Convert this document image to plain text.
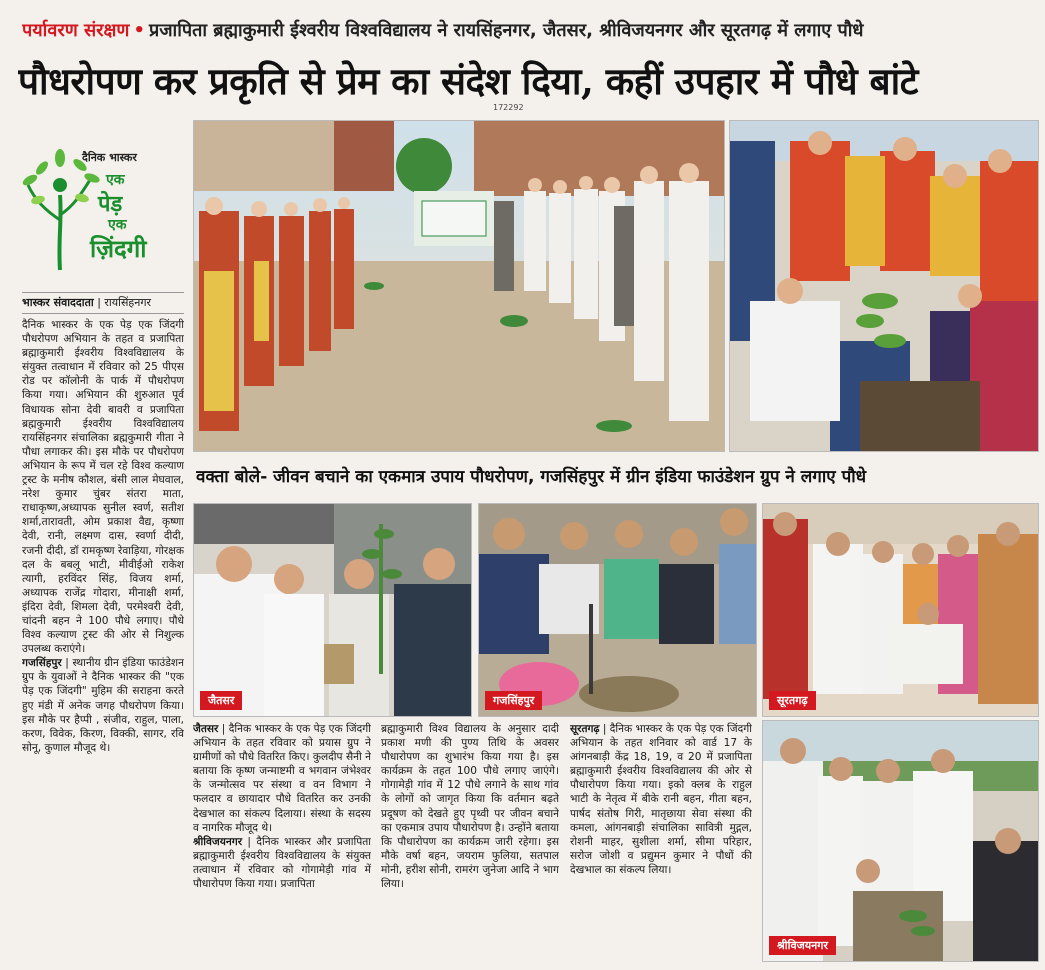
पर्यावरण संरक्षण • प्रजापिता ब्रह्माकुमारी ईश्वरीय विश्वविद्यालय ने रायसिंहनगर, जैतसर, श्रीविजयनगर और सूरतगढ़ में लगाए पौधे
पौधरोपण कर प्रकृति से प्रेम का संदेश दिया, कहीं उपहार में पौधे बांटे
172292
दैनिक भास्कर
एक
पेड़
एक
ज़िंदगी
भास्कर संवाददाता | रायसिंहनगर

दैनिक भास्कर के एक पेड़ एक जिंदगी पौधरोपण अभियान के तहत व प्रजापिता ब्रह्माकुमारी ईश्वरीय विश्वविद्यालय के संयुक्त तत्वाधान में रविवार को 25 पीएस रोड पर कॉलोनी के पार्क में पौधरोपण किया गया। अभियान की शुरुआत पूर्व विधायक सोना देवी बावरी व प्रजापिता ब्रह्मकुमारी ईश्वरीय विश्वविद्यालय रायसिंहनगर संचालिका ब्रह्मकुमारी गीता ने पौधा लगाकर की। इस मौके पर पौधरोपण अभियान के रूप में चल रहे विश्व कल्याण ट्रस्ट के मनीष कौशल, बंसी लाल मेघवाल, नरेश कुमार चुंबर संतरा माता, राधाकृष्ण,अध्यापक सुनील स्वर्ण, सतीश शर्मा,तारावती, ओम प्रकाश वैद्य, कृष्णा देवी, रानी, लक्ष्मण दास, स्वर्णा दीदी, रजनी दीदी, डॉ रामकृष्ण रेवाड़िया, गोरक्षक दल के बबलू भाटी, मीवीईओ राकेश त्यागी, हरविंदर सिंह, विजय शर्मा, अध्यापक राजेंद्र गोदारा, मीनाक्षी शर्मा, इंदिरा देवी, शिमला देवी, परमेश्वरी देवी, चांदनी बहन ने 100 पौधे लगाए। पौधे विश्व कल्याण ट्रस्ट की ओर से निशुल्क उपलब्ध कराएंगे।

गजसिंहपुर | स्थानीय ग्रीन इंडिया फाउंडेशन ग्रुप के युवाओं ने दैनिक भास्कर की "एक पेड़ एक जिंदगी" मुहिम की सराहना करते हुए मंडी में अनेक जगह पौधरोपण किया। इस मौके पर हैप्पी , संजीव, राहुल, पाला, करण, विवेक, किरण, विक्की, सागर, रवि सोनू, कुणाल मौजूद थे।

वक्ता बोले- जीवन बचाने का एकमात्र उपाय पौधरोपण, गजसिंहपुर में ग्रीन इंडिया फाउंडेशन ग्रुप ने लगाए पौधे
जैतसर	गजसिंहपुर	सूरतगढ़

जैतसर | दैनिक भास्कर के एक पेड़ एक जिंदगी अभियान के तहत रविवार को प्रयास ग्रुप ने ग्रामीणों को पौधे वितरित किए। कुलदीप सैनी ने बताया कि कृष्ण जन्माष्टमी व भगवान जंभेश्वर के जन्मोत्सव पर संस्था व वन विभाग ने फलदार व छायादार पौधे वितरित कर उनकी देखभाल का संकल्प दिलाया। संस्था के सदस्य व नागरिक मौजूद थे।

श्रीविजयनगर | दैनिक भास्कर और प्रजापिता ब्रह्माकुमारी ईश्वरीय विश्वविद्यालय के संयुक्त तत्वाधान में रविवार को गोगामेड़ी गांव में पौधारोपण किया गया। प्रजापिता

ब्रह्माकुमारी विश्व विद्यालय के अनुसार दादी प्रकाश मणी की पुण्य तिथि के अवसर पौधारोपण का शुभारंभ किया गया है। इस कार्यक्रम के तहत 100 पौधे लगाए जाएंगे। गोगामेड़ी गांव में 12 पौधे लगाने के साथ गांव के लोगों को जागृत किया कि वर्तमान बढ़ते प्रदूषण को देखते हुए पृथ्वी पर जीवन बचाने का एकमात्र उपाय पौधारोपण है। उन्होंने बताया कि पौधारोपण का कार्यक्रम जारी रहेगा। इस मौके वर्षा बहन, जयराम फुलिया, सतपाल मोनी, हरीश सोनी, रामरंग जुनेजा आदि ने भाग लिया।

सूरतगढ़ | दैनिक भास्कर के एक पेड़ एक जिंदगी अभियान के तहत शनिवार को वार्ड 17 के आंगनबाड़ी केंद्र 18, 19, व 20 में प्रजापिता ब्रह्माकुमारी ईश्वरीय विश्वविद्यालय की ओर से पौधारोपण किया गया। इको क्लब के राहुल भाटी के नेतृत्व में बीके रानी बहन, गीता बहन, पार्षद संतोष गिरी, मातृछाया सेवा संस्था की कमला, आंगनबाड़ी संचालिका सावित्री मुद्गल, रोशनी माहर, सुशीला शर्मा, सीमा परिहार, सरोज जोशी व प्रद्युमन कुमार ने पौधों की देखभाल का संकल्प लिया।

श्रीविजयनगर
